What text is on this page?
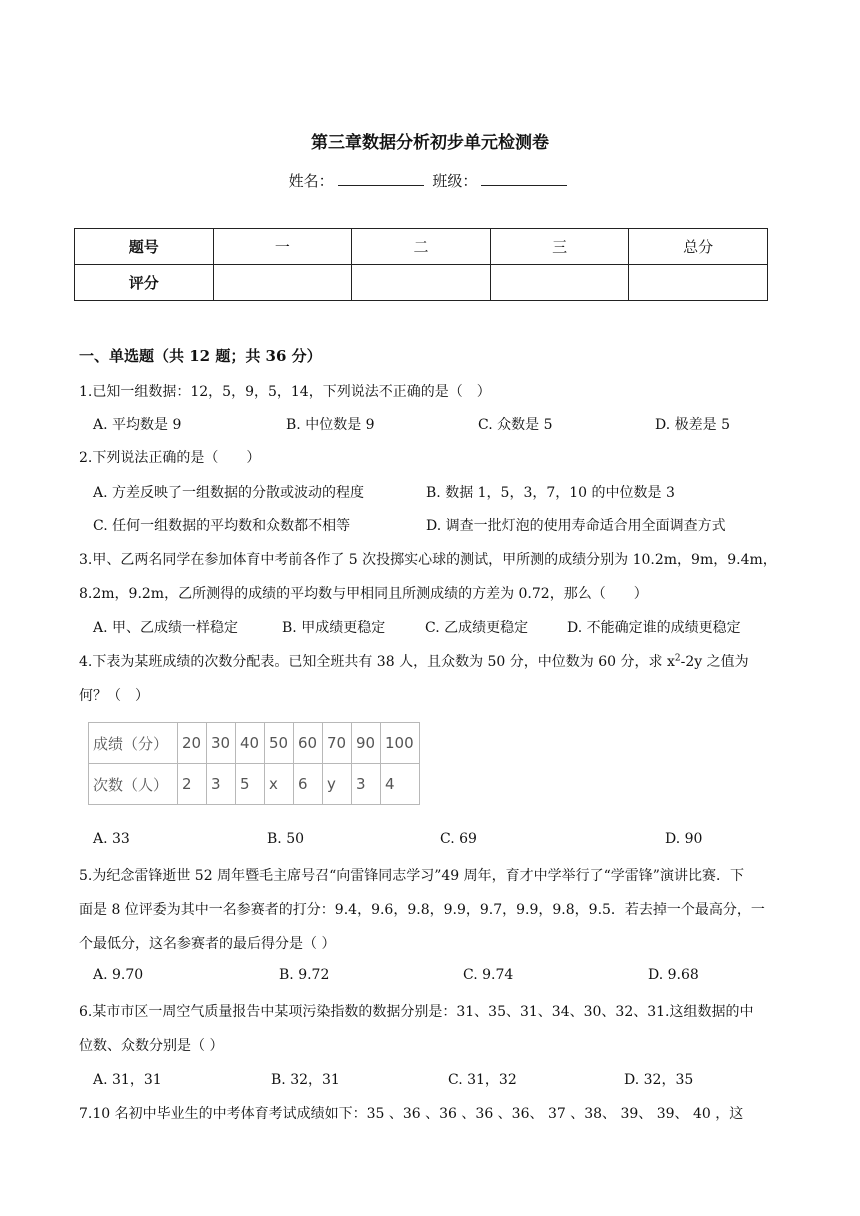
第三章数据分析初步单元检测卷
姓名：	班级：
题号	一	二	三	总分
评分				
一、单选题（共 12 题；共 36 分）
1.已知一组数据：12，5，9，5，14，下列说法不正确的是（　）
A. 平均数是 9	B. 中位数是 9	C. 众数是 5	D. 极差是 5
2.下列说法正确的是（　　）
A. 方差反映了一组数据的分散或波动的程度	B. 数据 1，5，3，7，10 的中位数是 3
C. 任何一组数据的平均数和众数都不相等	D. 调查一批灯泡的使用寿命适合用全面调查方式
3.甲、乙两名同学在参加体育中考前各作了 5 次投掷实心球的测试，甲所测的成绩分别为 10.2m，9m，9.4m，
8.2m，9.2m，乙所测得的成绩的平均数与甲相同且所测成绩的方差为 0.72，那么（　　）
A. 甲、乙成绩一样稳定	B. 甲成绩更稳定	C. 乙成绩更稳定	D. 不能确定谁的成绩更稳定
4.下表为某班成绩的次数分配表。已知全班共有 38 人，且众数为 50 分，中位数为 60 分，求 $x^2-2y$ 之值为
何？（　）
成绩（分）	20	30	40	50	60	70	90	100
次数（人）	2	3	5	x	6	y	3	4
A. 33	B. 50	C. 69	D. 90
5.为纪念雷锋逝世 52 周年暨毛主席号召“向雷锋同志学习”49 周年，育才中学举行了“学雷锋”演讲比赛．下
面是 8 位评委为其中一名参赛者的打分：9.4，9.6，9.8，9.9，9.7，9.9，9.8，9.5．若去掉一个最高分，一
个最低分，这名参赛者的最后得分是（ ）
A. 9.70	B. 9.72	C. 9.74	D. 9.68
6.某市市区一周空气质量报告中某项污染指数的数据分别是：31、35、31、34、30、32、31.这组数据的中
位数、众数分别是（ ）
A. 31，31	B. 32，31	C. 31，32	D. 32，35
7.10 名初中毕业生的中考体育考试成绩如下：35 、36 、36 、36 、36、 37 、38、 39、 39、 40 ，这
